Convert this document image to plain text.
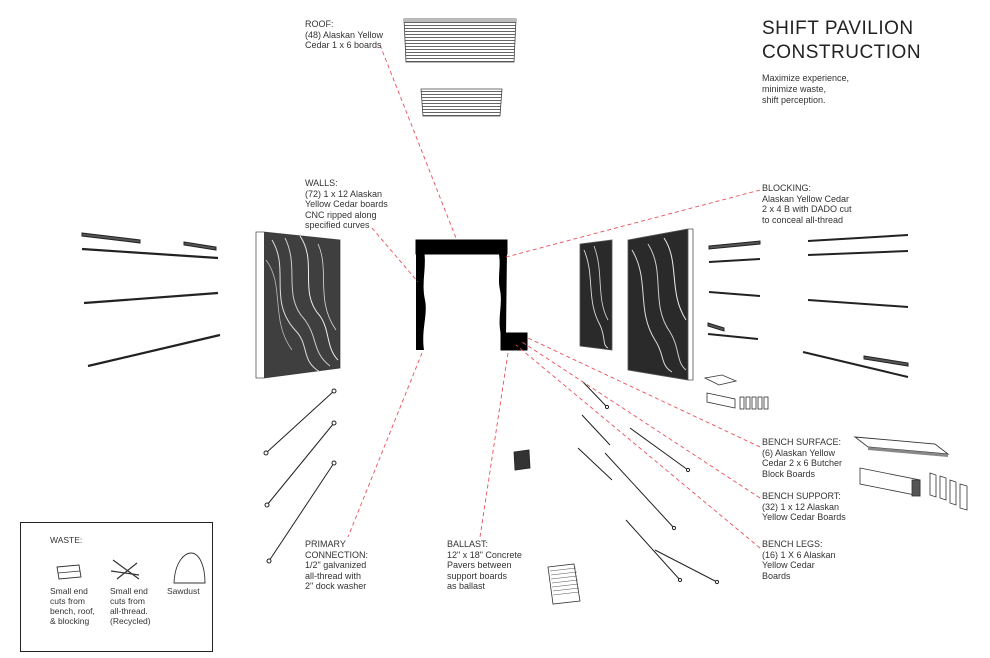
SHIFT PAVILION
CONSTRUCTION
Maximize experience,
minimize waste,
shift perception.
ROOF:
(48) Alaskan Yellow
Cedar 1 x 6 boards
WALLS:
(72) 1 x 12 Alaskan
Yellow Cedar boards
CNC ripped along
specified curves
BLOCKING:
Alaskan Yellow Cedar
2 x 4 B with DADO cut
to conceal all-thread
BENCH SURFACE:
(6) Alaskan Yellow
Cedar 2 x 6 Butcher
Block Boards
BENCH SUPPORT:
(32) 1 x 12 Alaskan
Yellow Cedar Boards
BENCH LEGS:
(16) 1 X 6 Alaskan
Yellow Cedar
Boards
BALLAST:
12" x 18" Concrete
Pavers between
support boards
as ballast
PRIMARY
CONNECTION:
1/2" galvanized
all-thread with
2" dock washer
WASTE:
Small end
cuts from
bench, roof,
& blocking
Small end
cuts from
all-thread.
(Recycled)
Sawdust
